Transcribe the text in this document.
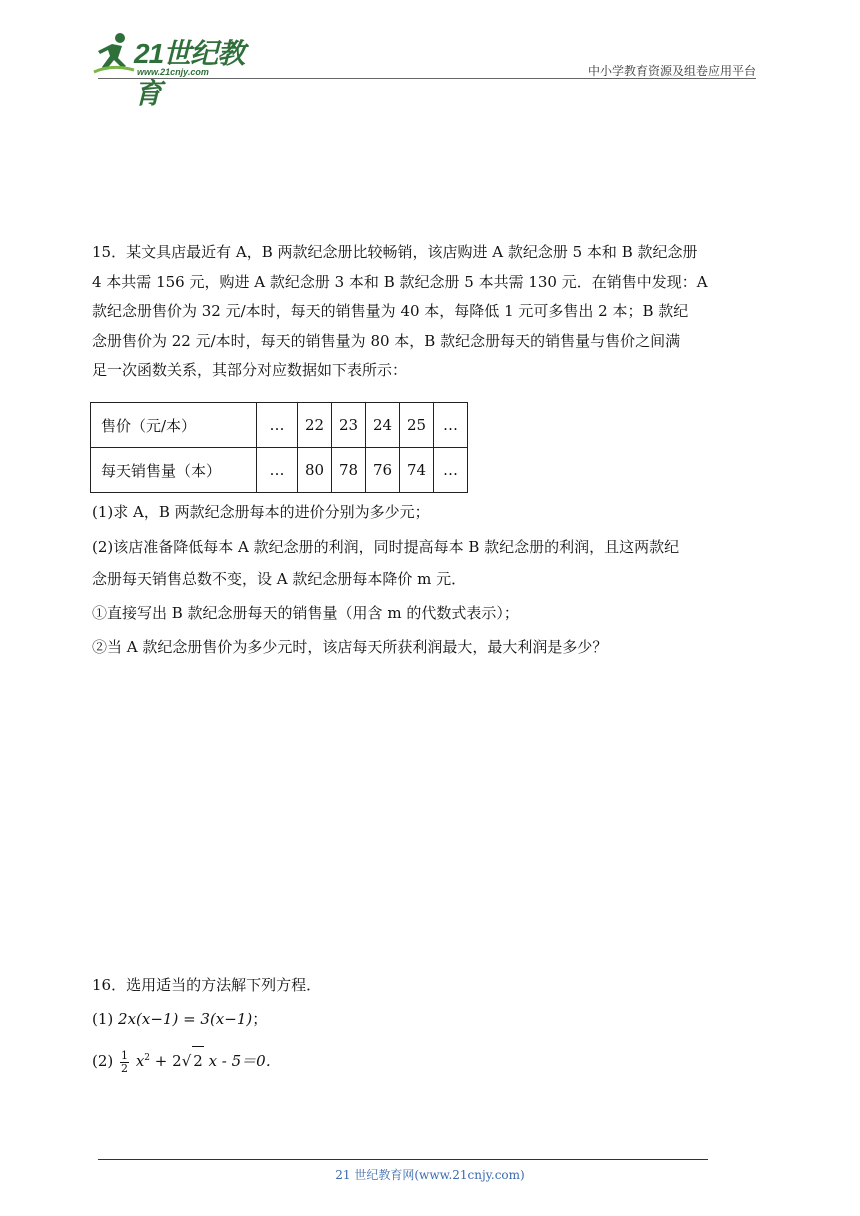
21世纪教育
www.21cnjy.com	中小学教育资源及组卷应用平台
15．某文具店最近有 A，B 两款纪念册比较畅销，该店购进 A 款纪念册 5 本和 B 款纪念册
4 本共需 156 元，购进 A 款纪念册 3 本和 B 款纪念册 5 本共需 130 元．在销售中发现：A
款纪念册售价为 32 元/本时，每天的销售量为 40 本，每降低 1 元可多售出 2 本；B 款纪
念册售价为 22 元/本时，每天的销售量为 80 本，B 款纪念册每天的销售量与售价之间满
足一次函数关系，其部分对应数据如下表所示：
售价（元/本）	…	22	23	24	25	…
每天销售量（本）	…	80	78	76	74	…
(1)求 A，B 两款纪念册每本的进价分别为多少元；
(2)该店准备降低每本 A 款纪念册的利润，同时提高每本 B 款纪念册的利润，且这两款纪
念册每天销售总数不变，设 A 款纪念册每本降价 m 元．
①直接写出 B 款纪念册每天的销售量（用含 m 的代数式表示）；
②当 A 款纪念册售价为多少元时，该店每天所获利润最大，最大利润是多少？
16．选用适当的方法解下列方程．
(1) 2x(x−1) = 3(x−1)；
$(2) \frac{1}{2} x^2 + 2√$ 2 x - 5＝0．
21 世纪教育网(www.21cnjy.com)
